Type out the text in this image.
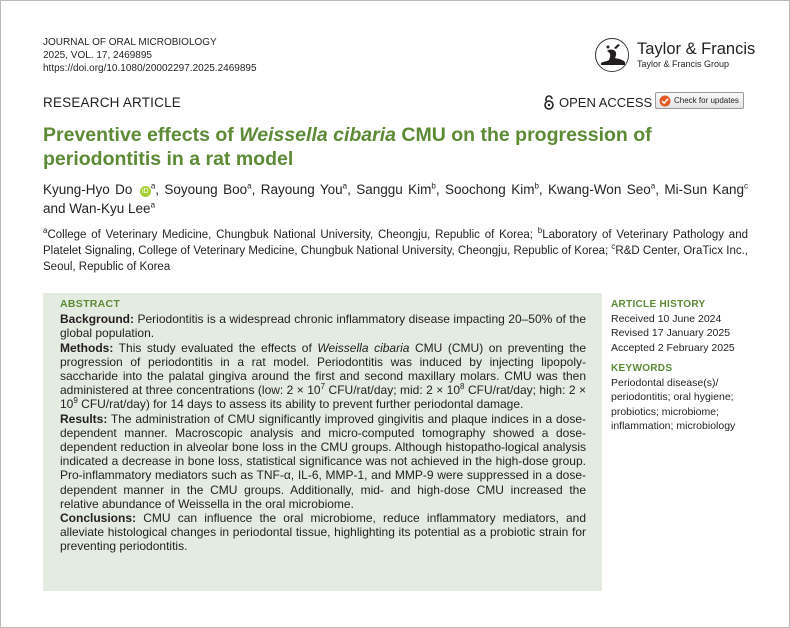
JOURNAL OF ORAL MICROBIOLOGY
2025, VOL. 17, 2469895
https://doi.org/10.1080/20002297.2025.2469895
Taylor & Francis
Taylor & Francis Group
RESEARCH ARTICLE	OPEN ACCESS	Check for updates
Preventive effects of Weissella cibaria CMU on the progression of periodontitis in a rat model
Kyung-Hyo Do $iD^a$, Soyoung Boo$^a$, Rayoung You$^a$, Sanggu Kim$^b$, Soochong Kim$^b$, Kwang-Won Seo$^a$, Mi-Sun Kang$^c$ and Wan-Kyu Lee$^a$
$^a$College of Veterinary Medicine, Chungbuk National University, Cheongju, Republic of Korea; $^b$Laboratory of Veterinary Pathology and Platelet Signaling, College of Veterinary Medicine, Chungbuk National University, Cheongju, Republic of Korea; $^c$R&D Center, OraTicx Inc., Seoul, Republic of Korea
ABSTRACT
Background: Periodontitis is a widespread chronic inflammatory disease impacting 20–50% of the global population.
Methods: This study evaluated the effects of Weissella cibaria CMU (CMU) on preventing the progression of periodontitis in a rat model. Periodontitis was induced by injecting lipopoly-saccharide into the palatal gingiva around the first and second maxillary molars. CMU was then administered at three concentrations (low: $2 \times 10^7$ CFU/rat/day; mid: $2 \times 10^8$ CFU/rat/day; high: $2 \times 10^9$ CFU/rat/day) for 14 days to assess its ability to prevent further periodontal damage.
Results: The administration of CMU significantly improved gingivitis and plaque indices in a dose-dependent manner. Macroscopic analysis and micro-computed tomography showed a dose-dependent reduction in alveolar bone loss in the CMU groups. Although histopatho-logical analysis indicated a decrease in bone loss, statistical significance was not achieved in the high-dose group. Pro-inflammatory mediators such as TNF-α, IL-6, MMP-1, and MMP-9 were suppressed in a dose-dependent manner in the CMU groups. Additionally, mid- and high-dose CMU increased the relative abundance of Weissella in the oral microbiome.
Conclusions: CMU can influence the oral microbiome, reduce inflammatory mediators, and alleviate histological changes in periodontal tissue, highlighting its potential as a probiotic strain for preventing periodontitis.
ARTICLE HISTORY
Received 10 June 2024
Revised 17 January 2025
Accepted 2 February 2025
KEYWORDS
Periodontal disease(s)/ periodontitis; oral hygiene; probiotics; microbiome; inflammation; microbiology
